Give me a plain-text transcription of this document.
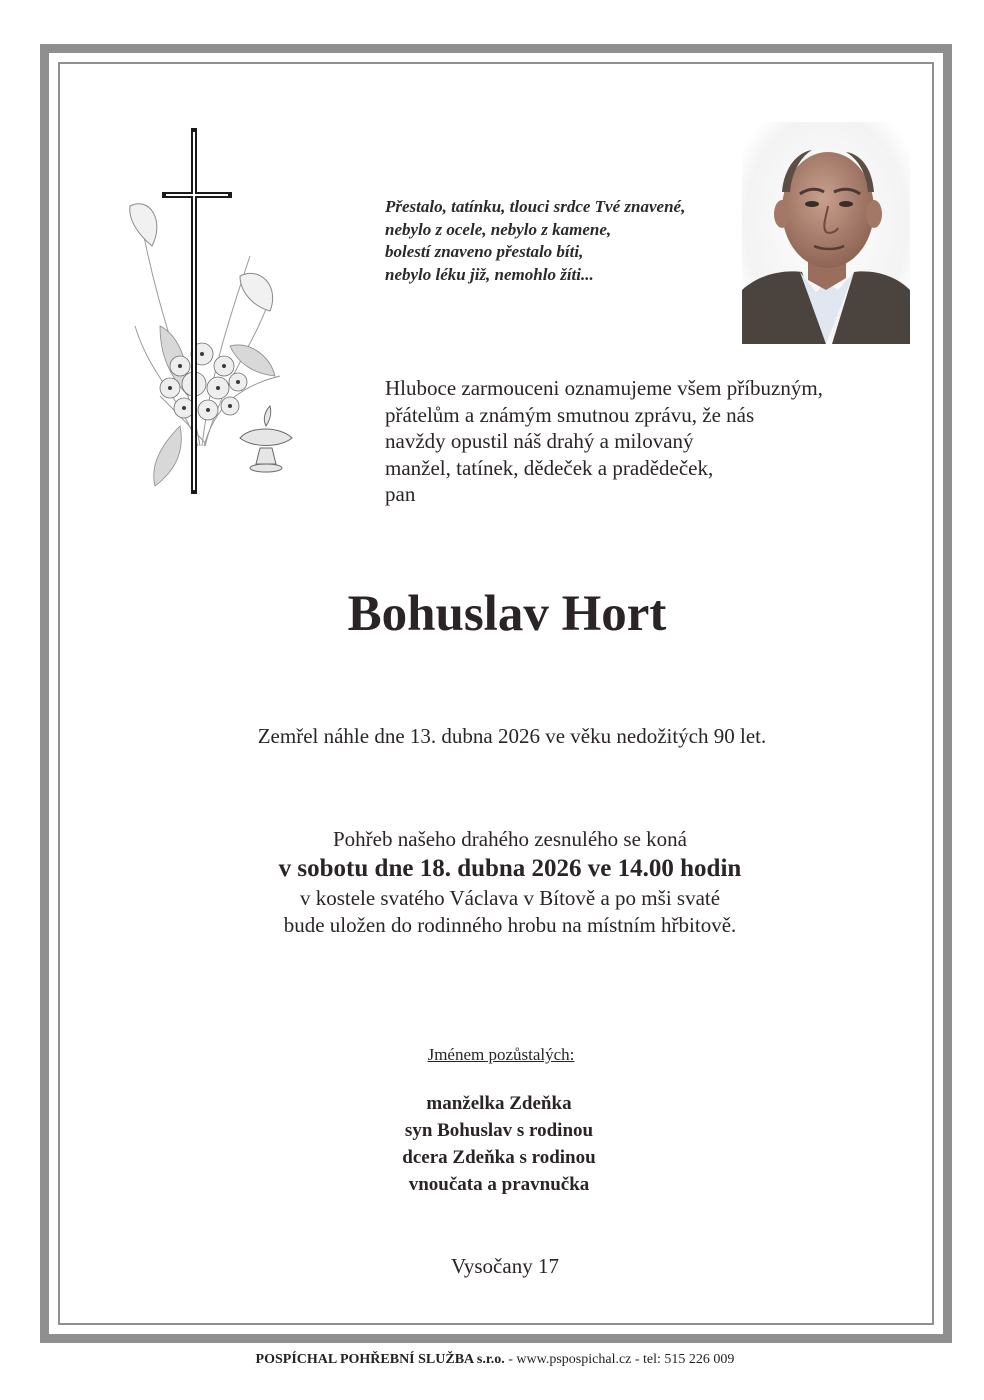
Přestalo, tatínku, tlouci srdce Tvé znavené,
nebylo z ocele, nebylo z kamene,
bolestí znaveno přestalo bíti,
nebylo léku již, nemohlo žíti...
Hluboce zarmouceni oznamujeme všem příbuzným,
přátelům a známým smutnou zprávu, že nás
navždy opustil náš drahý a milovaný
manžel, tatínek, dědeček a pradědeček,
pan
Bohuslav Hort
Zemřel náhle dne 13. dubna 2026 ve věku nedožitých 90 let.
Pohřeb našeho drahého zesnulého se koná
v sobotu dne 18. dubna 2026 ve 14.00 hodin
v kostele svatého Václava v Bítově a po mši svaté
bude uložen do rodinného hrobu na místním hřbitově.
Jménem pozůstalých:
manželka Zdeňka
syn Bohuslav s rodinou
dcera Zdeňka s rodinou
vnoučata a pravnučka
Vysočany 17
POSPÍCHAL POHŘEBNÍ SLUŽBA s.r.o. - www.pspospichal.cz - tel: 515 226 009
